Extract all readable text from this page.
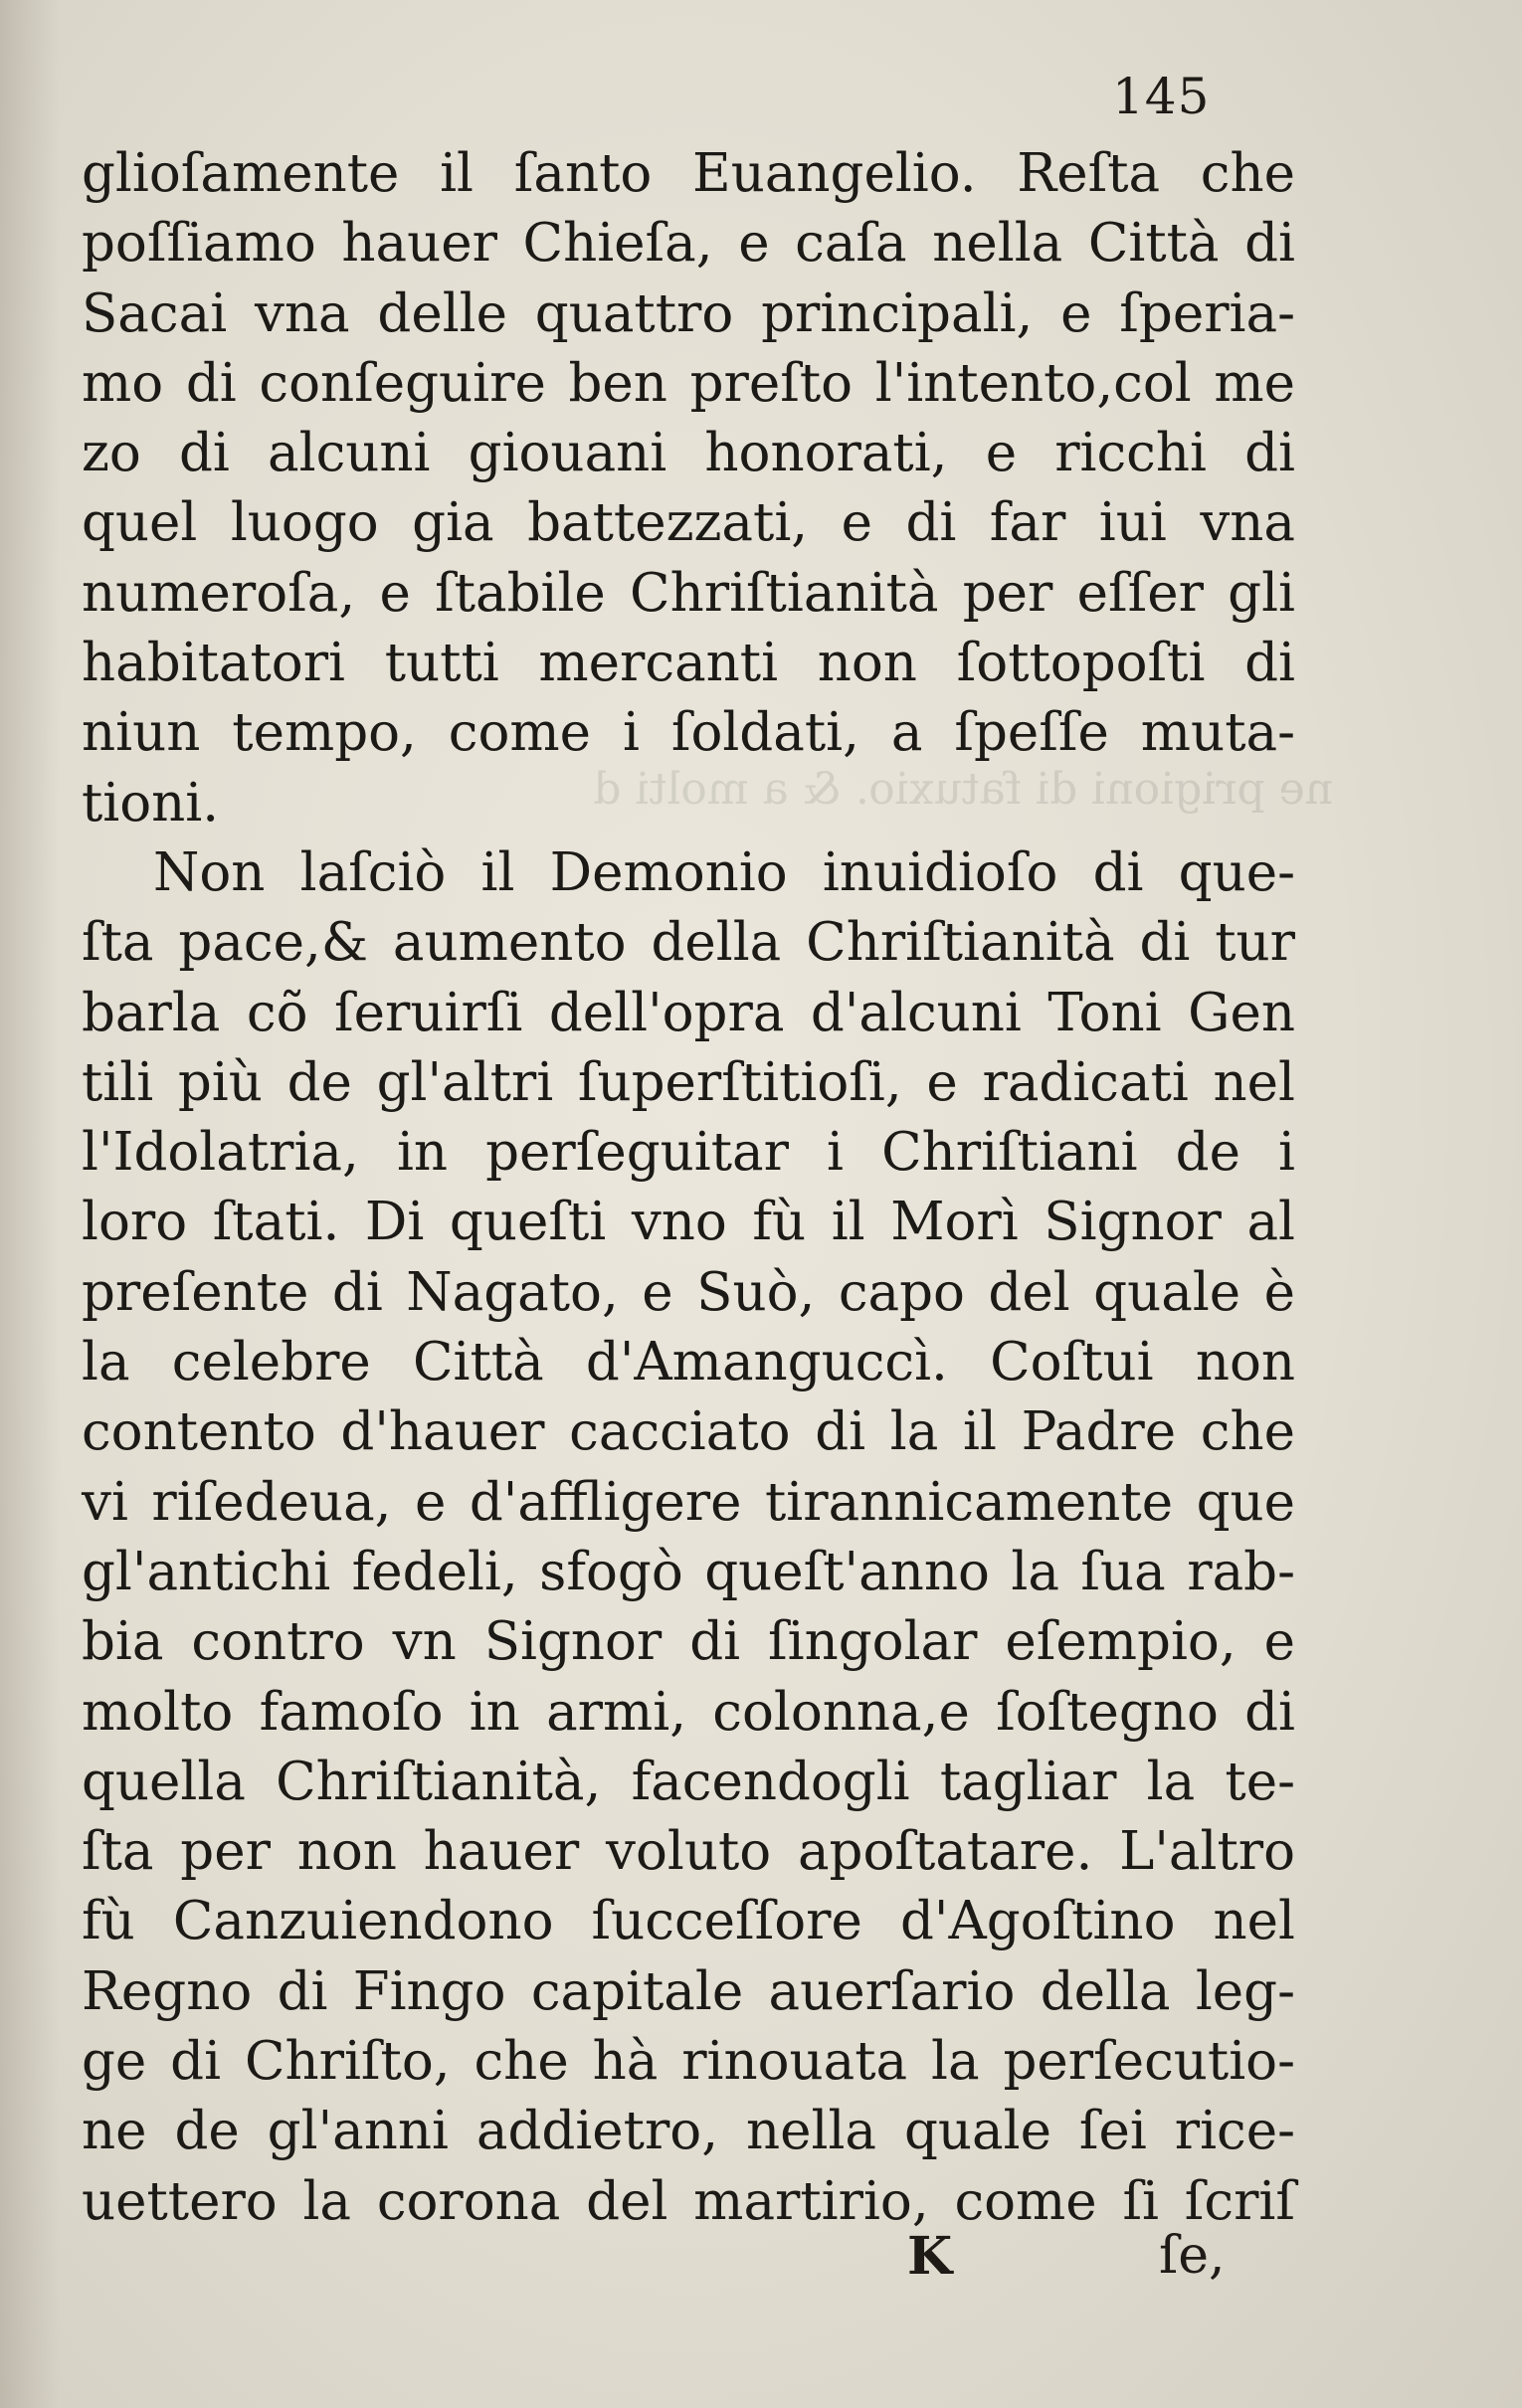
ne prigioni di fatuxio. & a molti d
145
glioſamente il ſanto Euangelio. Reſta che
poſſiamo hauer Chieſa, e caſa nella Città di
Sacai vna delle quattro principali, e ſperia-
mo di conſeguire ben preſto l'intento,col me
zo di alcuni giouani honorati, e ricchi di
quel luogo gia battezzati, e di far iui vna
numeroſa, e ſtabile Chriſtianità per eſſer gli
habitatori tutti mercanti non ſottopoſti di
niun tempo, come i ſoldati, a ſpeſſe muta-
tioni.
Non laſciò il Demonio inuidioſo di que-
ſta pace,& aumento della Chriſtianità di tur
barla cõ ſeruirſi dell'opra d'alcuni Toni Gen
tili più de gl'altri ſuperſtitioſi, e radicati nel
l'Idolatria, in perſeguitar i Chriſtiani de i
loro ſtati. Di queſti vno fù il Morì Signor al
preſente di Nagato, e Suò, capo del quale è
la celebre Città d'Amanguccì. Coſtui non
contento d'hauer cacciato di la il Padre che
vi riſedeua, e d'affligere tirannicamente que
gl'antichi fedeli, sfogò queſt'anno la ſua rab-
bia contro vn Signor di ſingolar eſempio, e
molto famoſo in armi, colonna,e ſoſtegno di
quella Chriſtianità, facendogli tagliar la te-
ſta per non hauer voluto apoſtatare. L'altro
fù Canzuiendono ſucceſſore d'Agoſtino nel
Regno di Fingo capitale auerſario della leg-
ge di Chriſto, che hà rinouata la perſecutio-
ne de gl'anni addietro, nella quale ſei rice-
uettero la corona del martirio, come ſi ſcriſ
K	ſe,
